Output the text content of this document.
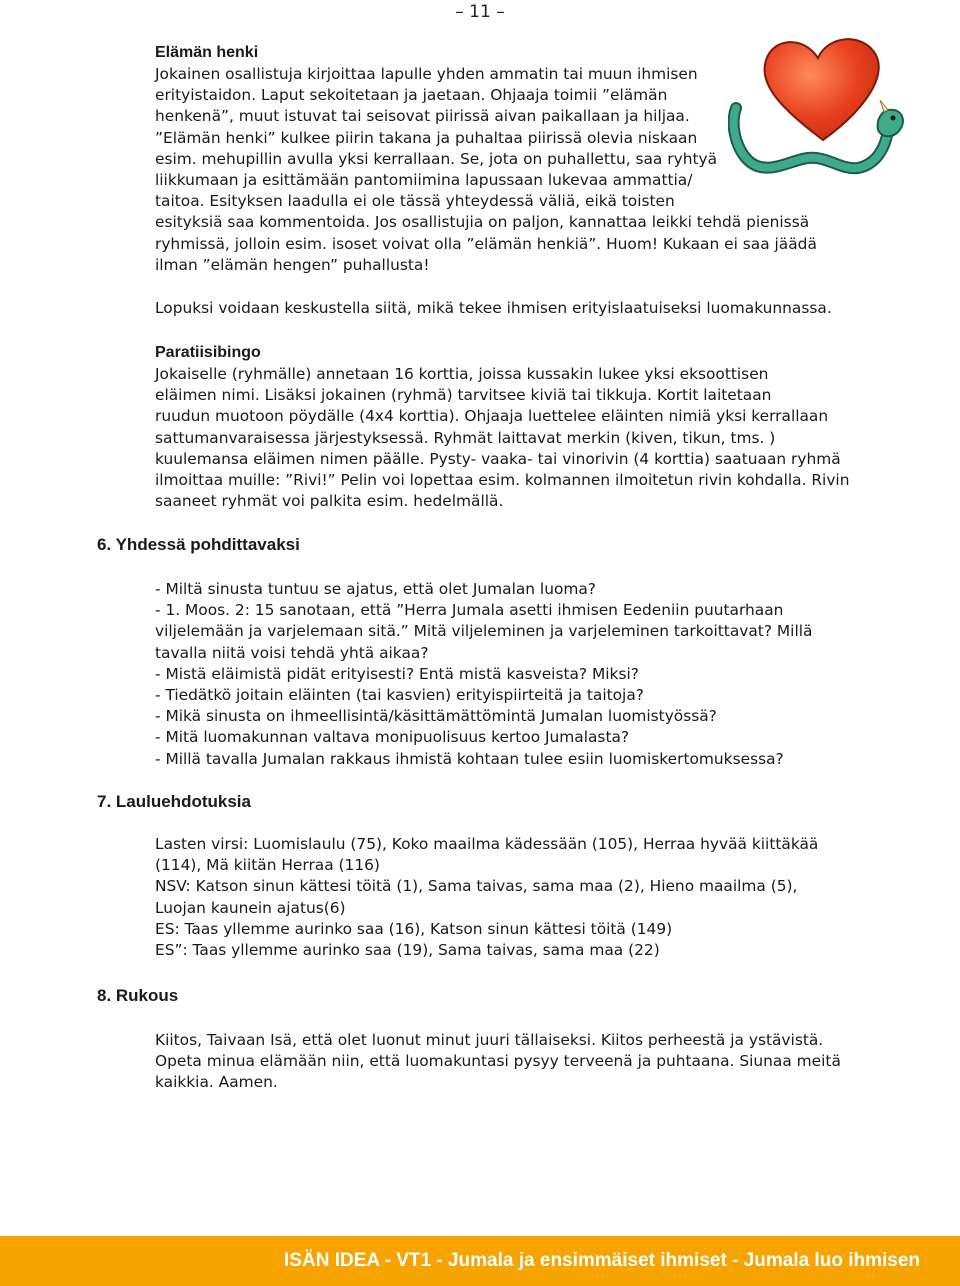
– 11 –
Elämän henki
Jokainen osallistuja kirjoittaa lapulle yhden ammatin tai muun ihmisen
erityistaidon. Laput sekoitetaan ja jaetaan. Ohjaaja toimii ”elämän
henkenä”, muut istuvat tai seisovat piirissä aivan paikallaan ja hiljaa.
”Elämän henki” kulkee piirin takana ja puhaltaa piirissä olevia niskaan
esim. mehupillin avulla yksi kerrallaan. Se, jota on puhallettu, saa ryhtyä
liikkumaan ja esittämään pantomiimina lapussaan lukevaa ammattia/
taitoa. Esityksen laadulla ei ole tässä yhteydessä väliä, eikä toisten
esityksiä saa kommentoida. Jos osallistujia on paljon, kannattaa leikki tehdä pienissä
ryhmissä, jolloin esim. isoset voivat olla ”elämän henkiä”. Huom! Kukaan ei saa jäädä
ilman ”elämän hengen” puhallusta!
Lopuksi voidaan keskustella siitä, mikä tekee ihmisen erityislaatuiseksi luomakunnassa.
Paratiisibingo
Jokaiselle (ryhmälle) annetaan 16 korttia, joissa kussakin lukee yksi eksoottisen
eläimen nimi. Lisäksi jokainen (ryhmä) tarvitsee kiviä tai tikkuja. Kortit laitetaan
ruudun muotoon pöydälle (4x4 korttia). Ohjaaja luettelee eläinten nimiä yksi kerrallaan
sattumanvaraisessa järjestyksessä. Ryhmät laittavat merkin (kiven, tikun, tms. )
kuulemansa eläimen nimen päälle. Pysty- vaaka- tai vinorivin (4 korttia) saatuaan ryhmä
ilmoittaa muille: ”Rivi!” Pelin voi lopettaa esim. kolmannen ilmoitetun rivin kohdalla. Rivin
saaneet ryhmät voi palkita esim. hedelmällä.
6. Yhdessä pohdittavaksi
- Miltä sinusta tuntuu se ajatus, että olet Jumalan luoma?
- 1. Moos. 2: 15 sanotaan, että ”Herra Jumala asetti ihmisen Eedeniin puutarhaan
viljelemään ja varjelemaan sitä.” Mitä viljeleminen ja varjeleminen tarkoittavat? Millä
tavalla niitä voisi tehdä yhtä aikaa?
- Mistä eläimistä pidät erityisesti? Entä mistä kasveista? Miksi?
- Tiedätkö joitain eläinten (tai kasvien) erityispiirteitä ja taitoja?
- Mikä sinusta on ihmeellisintä/käsittämättömintä Jumalan luomistyössä?
- Mitä luomakunnan valtava monipuolisuus kertoo Jumalasta?
- Millä tavalla Jumalan rakkaus ihmistä kohtaan tulee esiin luomiskertomuksessa?
7. Lauluehdotuksia
Lasten virsi: Luomislaulu (75), Koko maailma kädessään (105), Herraa hyvää kiittäkää
(114), Mä kiitän Herraa (116)
NSV: Katson sinun kättesi töitä (1), Sama taivas, sama maa (2), Hieno maailma (5),
Luojan kaunein ajatus(6)
ES: Taas yllemme aurinko saa (16), Katson sinun kättesi töitä (149)
ES”: Taas yllemme aurinko saa (19), Sama taivas, sama maa (22)
8. Rukous
Kiitos, Taivaan Isä, että olet luonut minut juuri tällaiseksi. Kiitos perheestä ja ystävistä.
Opeta minua elämään niin, että luomakuntasi pysyy terveenä ja puhtaana. Siunaa meitä
kaikkia. Aamen.
ISÄN IDEA - VT1 - Jumala ja ensimmäiset ihmiset - Jumala luo ihmisen
